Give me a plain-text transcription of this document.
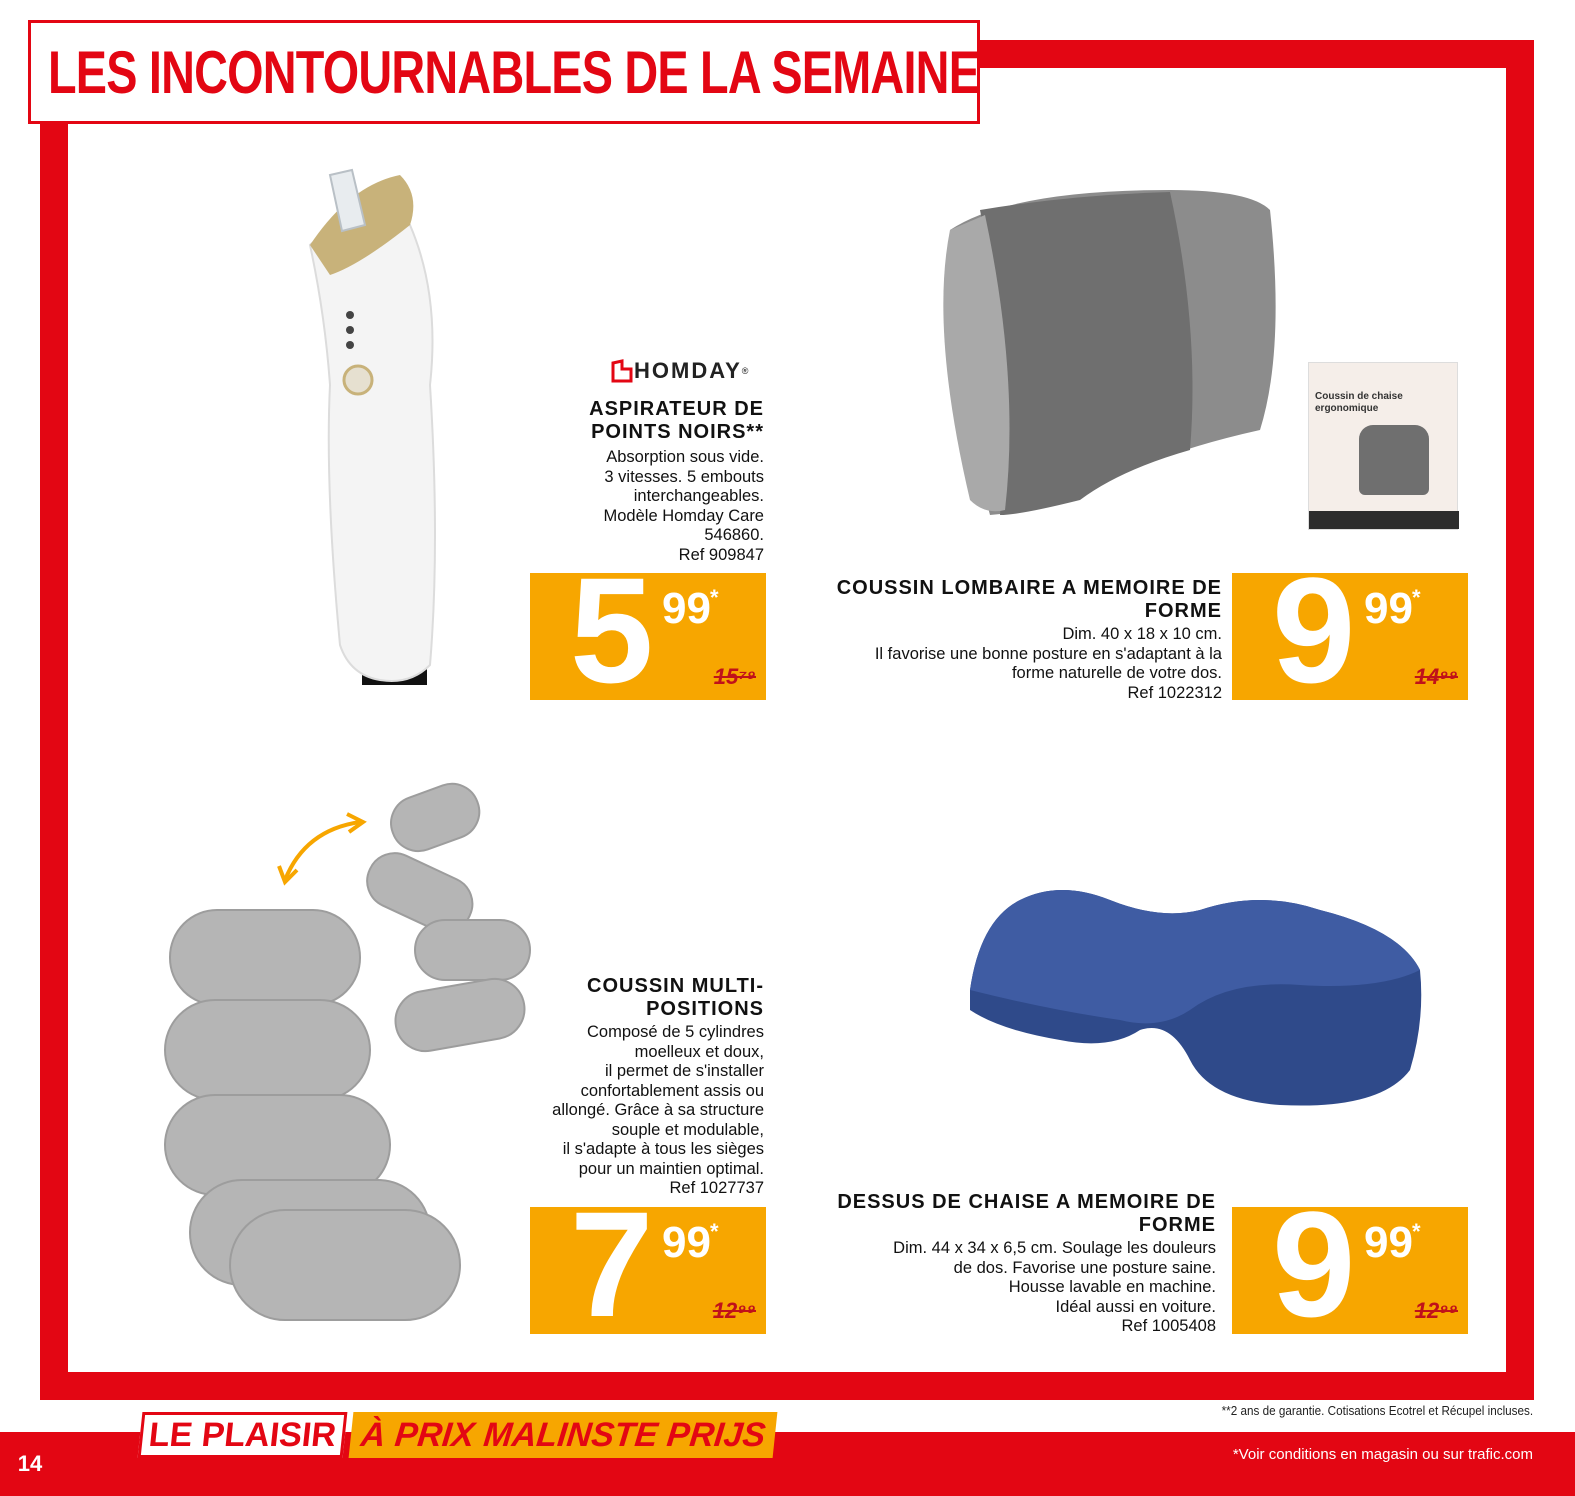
LES INCONTOURNABLES DE LA SEMAINE
HOMDAY ®
ASPIRATEUR DE
POINTS NOIRS**
Absorption sous vide.
3 vitesses. 5 embouts
interchangeables.
Modèle Homday Care
546860.
Ref 909847
5 99 *
15⁷⁹
Coussin de chaise
ergonomique
COUSSIN LOMBAIRE A MEMOIRE DE
FORME
Dim. 40 x 18 x 10 cm.
Il favorise une bonne posture en s'adaptant à la
forme naturelle de votre dos.
Ref 1022312 9 99 *
14⁹⁹
COUSSIN MULTI-
POSITIONS
Composé de 5 cylindres
moelleux et doux,
il permet de s'installer
confortablement assis ou
allongé. Grâce à sa structure
souple et modulable,
il s'adapte à tous les sièges
pour un maintien optimal.
Ref 1027737
7 99 *
12⁹⁹
DESSUS DE CHAISE A MEMOIRE DE
FORME
Dim. 44 x 34 x 6,5 cm. Soulage les douleurs
de dos. Favorise une posture saine.
Housse lavable en machine.
Idéal aussi en voiture.
Ref 1005408 9 99 *
12⁹⁹
14
LE PLAISIR À PRIX MALINSTE PRIJS
**2 ans de garantie. Cotisations Ecotrel et Récupel incluses.
*Voir conditions en magasin ou sur trafic.com
